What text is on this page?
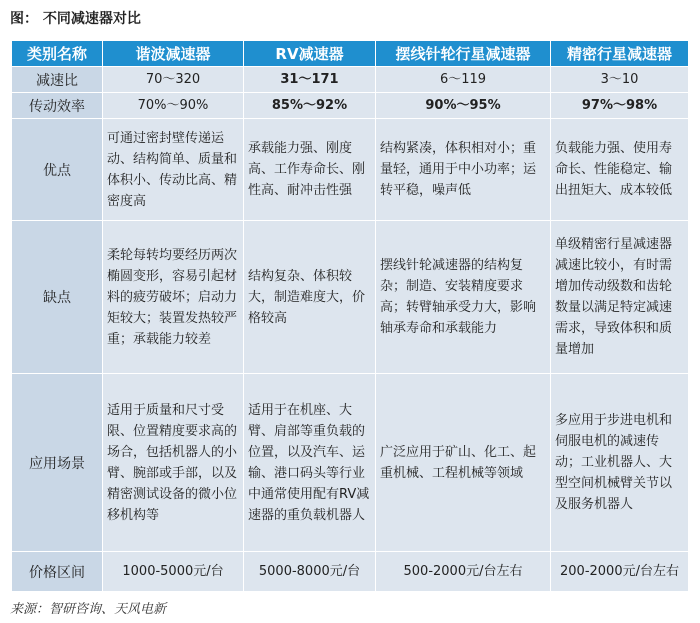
图： 不同减速器对比
类别名称	谐波减速器	RV减速器	摆线针轮行星减速器	精密行星减速器
减速比	70～320	31～171	6～119	3～10
传动效率	70%～90%	85%～92%	90%～95%	97%～98%
优点	可通过密封壁传递运动、结构简单、质量和体积小、传动比高、精密度高	承载能力强、刚度高、工作寿命长、刚性高、耐冲击性强	结构紧凑，体积相对小；重量轻，通用于中小功率；运转平稳，噪声低	负载能力强、使用寿命长、性能稳定、输出扭矩大、成本较低
缺点	柔轮每转均要经历两次椭圆变形，容易引起材料的疲劳破坏；启动力矩较大；装置发热较严重；承载能力较差	结构复杂、体积较大，制造难度大，价格较高	摆线针轮减速器的结构复杂；制造、安装精度要求高；转臂轴承受力大，影响轴承寿命和承载能力	单级精密行星减速器减速比较小，有时需增加传动级数和齿轮数量以满足特定减速需求，导致体积和质量增加
应用场景	适用于质量和尺寸受限、位置精度要求高的场合，包括机器人的小臂、腕部或手部，以及精密测试设备的微小位移机构等	适用于在机座、大臂、肩部等重负载的位置，以及汽车、运输、港口码头等行业中通常使用配有RV减速器的重负载机器人	广泛应用于矿山、化工、起重机械、工程机械等领域	多应用于步进电机和伺服电机的减速传动；工业机器人、大型空间机械臂关节以及服务机器人
价格区间	1000-5000元/台	5000-8000元/台	500-2000元/台左右	200-2000元/台左右
来源：智研咨询、天风电新
